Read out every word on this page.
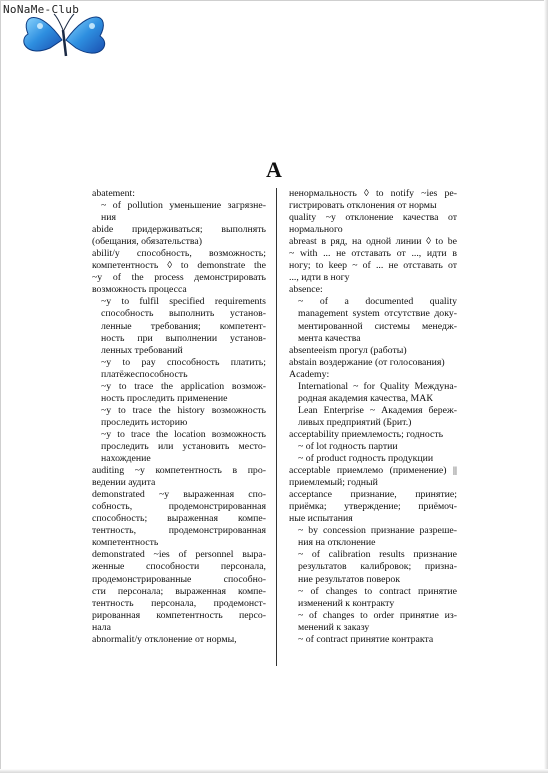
NoNaMe-Club
A
abatement:
~ of pollution уменьшение загрязне-
ния
abide придерживаться; выполнять
(обещания, обязательства)
abilit/y способность, возможность;
компетентность ◊ to demonstrate the
~y of the process демонстрировать
возможность процесса
~y to fulfil specified requirements
способность выполнить установ-
ленные требования; компетент-
ность при выполнении установ-
ленных требований
~y to pay способность платить;
платёжеспособность
~y to trace the application возмож-
ность проследить применение
~y to trace the history возможность
проследить историю
~y to trace the location возможность
проследить или установить место-
нахождение
auditing ~y компетентность в про-
ведении аудита
demonstrated ~y выраженная спо-
собность, продемонстрированная
способность; выраженная компе-
тентность, продемонстрированная
компетентность
demonstrated ~ies of personnel выра-
женные способности персонала,
продемонстрированные способно-
сти персонала; выраженная компе-
тентность персонала, продемонст-
рированная компетентность персо-
нала
abnormalit/y отклонение от нормы,
ненормальность ◊ to notify ~ies ре-
гистрировать отклонения от нормы
quality ~y отклонение качества от
нормального
abreast в ряд, на одной линии ◊ to be
~ with ... не отставать от ..., идти в
ногу; to keep ~ of ... не отставать от
..., идти в ногу
absence:
~ of a documented quality
management system отсутствие доку-
ментированной системы менедж-
мента качества
absenteeism прогул (работы)
abstain воздержание (от голосования)
Academy:
International ~ for Quality Междуна-
родная академия качества, МАК
Lean Enterprise ~ Академия береж-
ливых предприятий (Брит.)
acceptability приемлемость; годность
~ of lot годность партии
~ of product годность продукции
acceptable приемлемо (применение) ||
приемлемый; годный
acceptance признание, принятие;
приёмка; утверждение; приёмоч-
ные испытания
~ by concession признание разреше-
ния на отклонение
~ of calibration results признание
результатов калибровок; призна-
ние результатов поверок
~ of changes to contract принятие
изменений к контракту
~ of changes to order принятие из-
менений к заказу
~ of contract принятие контракта
